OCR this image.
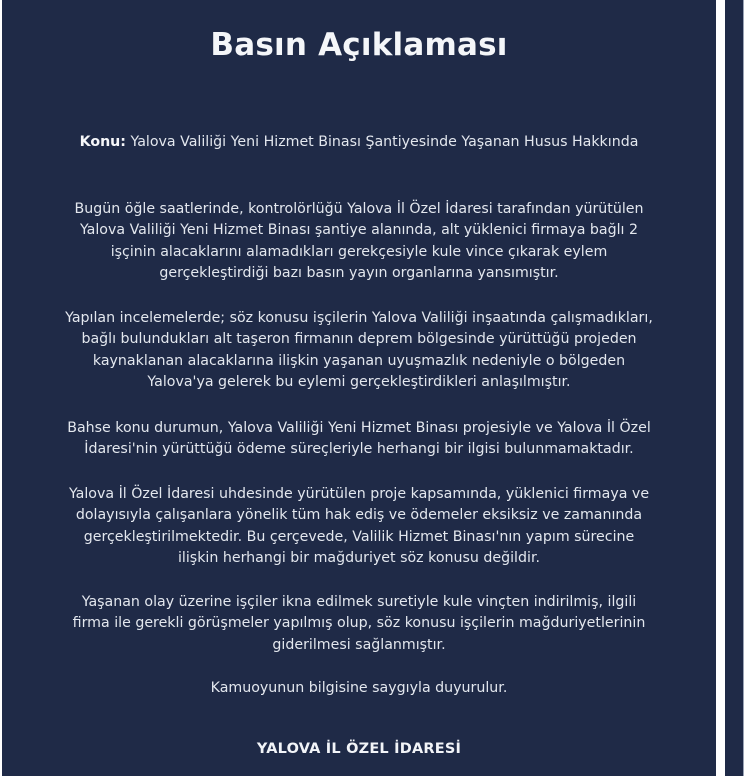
Basın Açıklaması

Konu: Yalova Valiliği Yeni Hizmet Binası Şantiyesinde Yaşanan Husus Hakkında

Bugün öğle saatlerinde, kontrolörlüğü Yalova İl Özel İdaresi tarafından yürütülen
Yalova Valiliği Yeni Hizmet Binası şantiye alanında, alt yüklenici firmaya bağlı 2
işçinin alacaklarını alamadıkları gerekçesiyle kule vince çıkarak eylem
gerçekleştirdiği bazı basın yayın organlarına yansımıştır.

Yapılan incelemelerde; söz konusu işçilerin Yalova Valiliği inşaatında çalışmadıkları,
bağlı bulundukları alt taşeron firmanın deprem bölgesinde yürüttüğü projeden
kaynaklanan alacaklarına ilişkin yaşanan uyuşmazlık nedeniyle o bölgeden
Yalova'ya gelerek bu eylemi gerçekleştirdikleri anlaşılmıştır.

Bahse konu durumun, Yalova Valiliği Yeni Hizmet Binası projesiyle ve Yalova İl Özel
İdaresi'nin yürüttüğü ödeme süreçleriyle herhangi bir ilgisi bulunmamaktadır.

Yalova İl Özel İdaresi uhdesinde yürütülen proje kapsamında, yüklenici firmaya ve
dolayısıyla çalışanlara yönelik tüm hak ediş ve ödemeler eksiksiz ve zamanında
gerçekleştirilmektedir. Bu çerçevede, Valilik Hizmet Binası'nın yapım sürecine
ilişkin herhangi bir mağduriyet söz konusu değildir.

Yaşanan olay üzerine işçiler ikna edilmek suretiyle kule vinçten indirilmiş, ilgili
firma ile gerekli görüşmeler yapılmış olup, söz konusu işçilerin mağduriyetlerinin
giderilmesi sağlanmıştır.

Kamuoyunun bilgisine saygıyla duyurulur.

YALOVA İL ÖZEL İDARESİ
